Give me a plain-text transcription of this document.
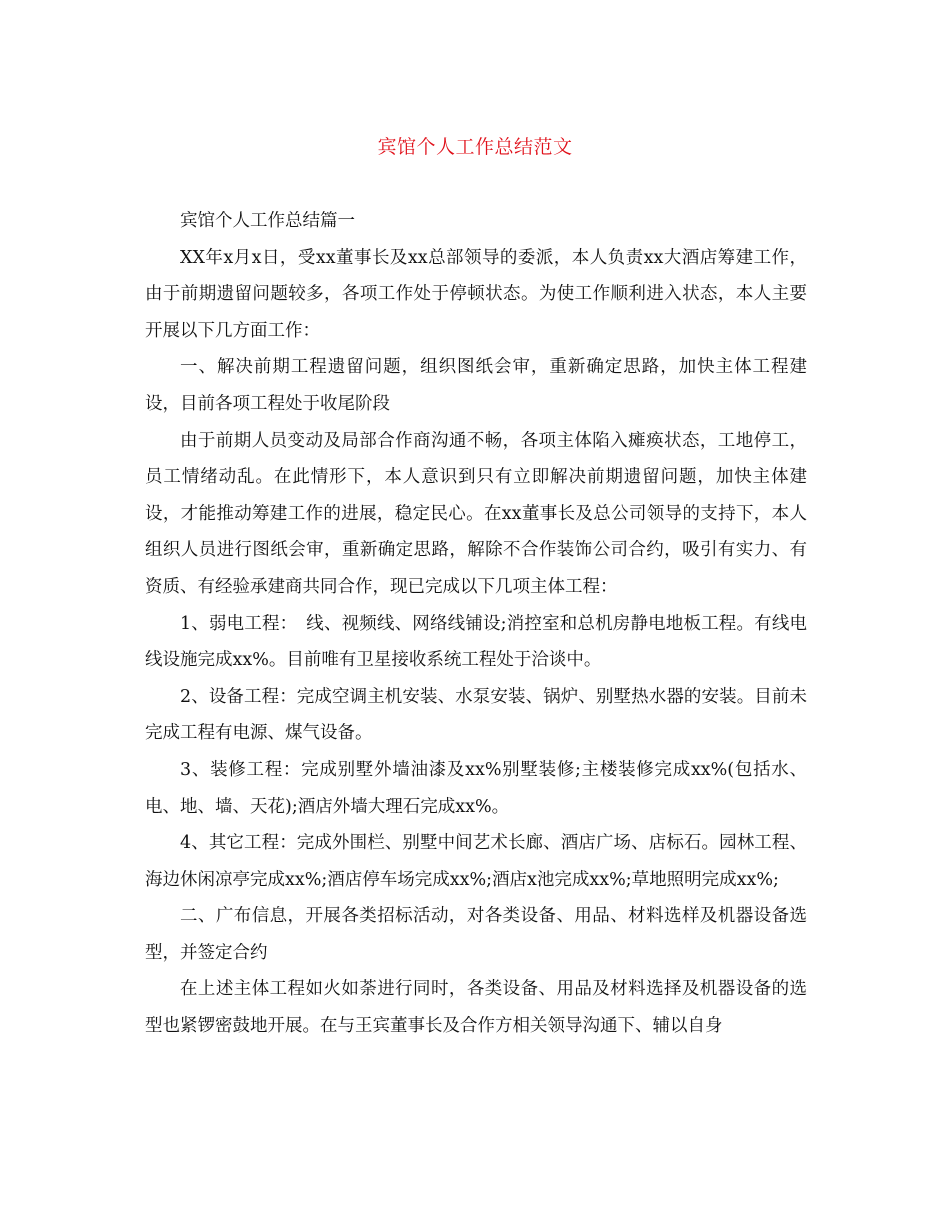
宾馆个人工作总结范文

宾馆个人工作总结篇一

XX年x月x日，受xx董事长及xx总部领导的委派，本人负责xx大酒店筹建工作，由于前期遗留问题较多，各项工作处于停顿状态。为使工作顺利进入状态，本人主要开展以下几方面工作：

一、解决前期工程遗留问题，组织图纸会审，重新确定思路，加快主体工程建设，目前各项工程处于收尾阶段

由于前期人员变动及局部合作商沟通不畅，各项主体陷入瘫痪状态，工地停工，员工情绪动乱。在此情形下，本人意识到只有立即解决前期遗留问题，加快主体建设，才能推动筹建工作的进展，稳定民心。在xx董事长及总公司领导的支持下，本人组织人员进行图纸会审，重新确定思路，解除不合作装饰公司合约，吸引有实力、有资质、有经验承建商共同合作，现已完成以下几项主体工程：

1、弱电工程：　线、视频线、网络线铺设;消控室和总机房静电地板工程。有线电线设施完成xx%。目前唯有卫星接收系统工程处于洽谈中。

2、设备工程：完成空调主机安装、水泵安装、锅炉、别墅热水器的安装。目前未完成工程有电源、煤气设备。

3、装修工程：完成别墅外墙油漆及xx%别墅装修;主楼装修完成xx%(包括水、电、地、墙、天花);酒店外墙大理石完成xx%。

4、其它工程：完成外围栏、别墅中间艺术长廊、酒店广场、店标石。园林工程、海边休闲凉亭完成xx%;酒店停车场完成xx%;酒店x池完成xx%;草地照明完成xx%;

二、广布信息，开展各类招标活动，对各类设备、用品、材料选样及机器设备选型，并签定合约

在上述主体工程如火如荼进行同时，各类设备、用品及材料选择及机器设备的选型也紧锣密鼓地开展。在与王宾董事长及合作方相关领导沟通下、辅以自身
